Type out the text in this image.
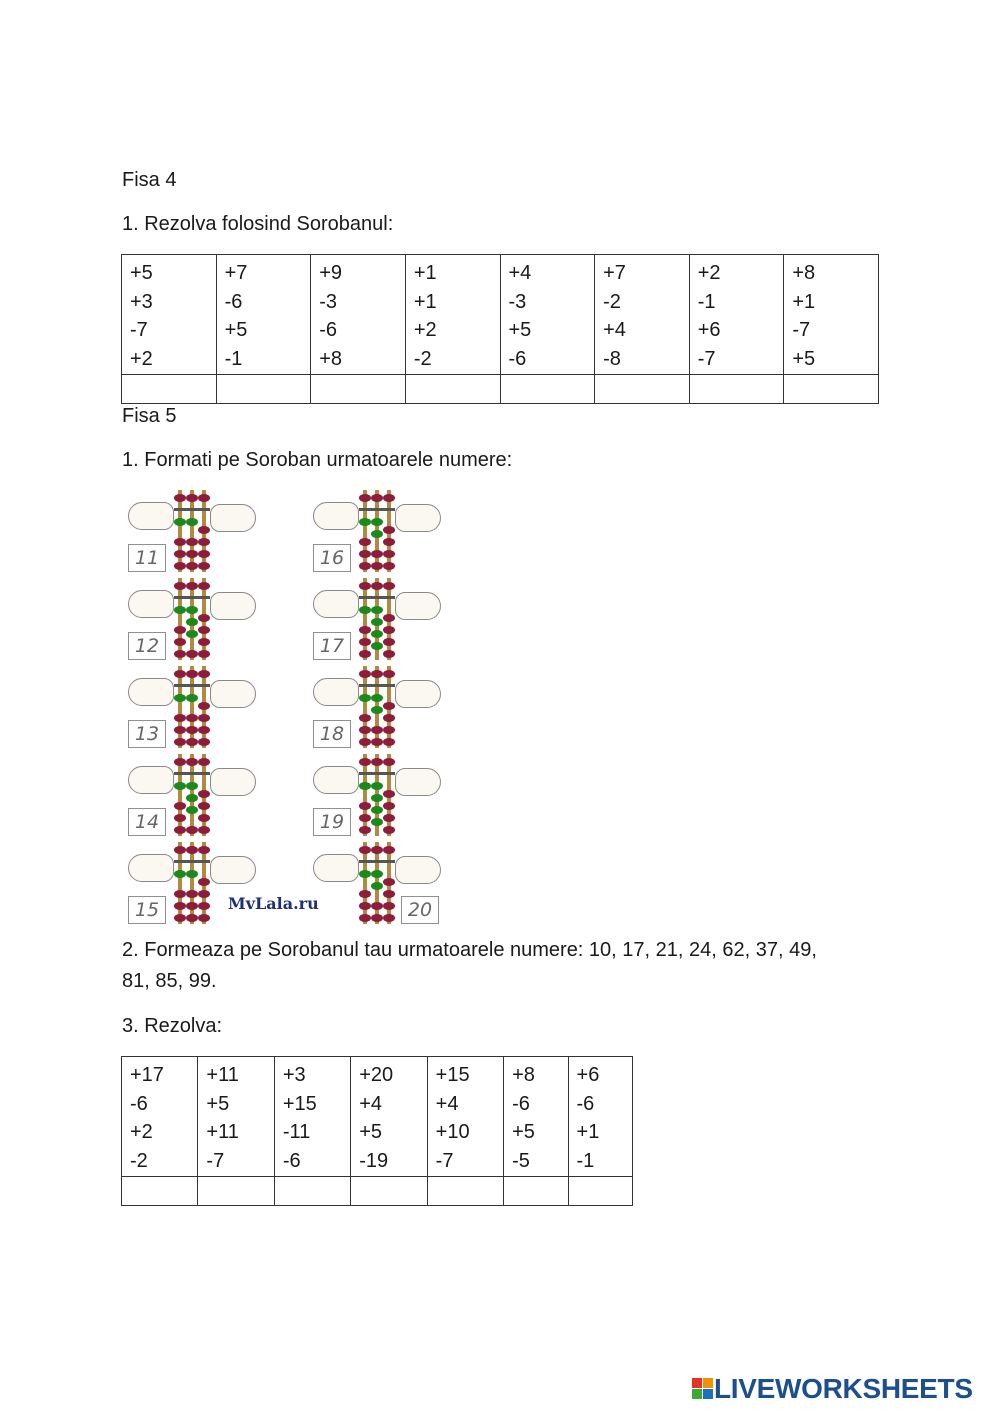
Fisa 4

1. Rezolva folosind Sorobanul:

+5
+3
-7
+2	+7
-6
+5
-1	+9
-3
-6
+8	+1
+1
+2
-2	+4
-3
+5
-6	+7
-2
+4
-8	+2
-1
+6
-7	+8
+1
-7
+5

Fisa 5

1. Formati pe Soroban urmatoarele numere:

11	16
12	17
13	18
14	19
15	20
MvLala.ru

2. Formeaza pe Sorobanul tau urmatoarele numere: 10, 17, 21, 24, 62, 37, 49,

81, 85, 99.

3. Rezolva:

+17
-6
+2
-2	+11
+5
+11
-7	+3
+15
-11
-6	+20
+4
+5
-19	+15
+4
+10
-7	+8
-6
+5
-5	+6
-6
+1
-1

LIVEWORKSHEETS
